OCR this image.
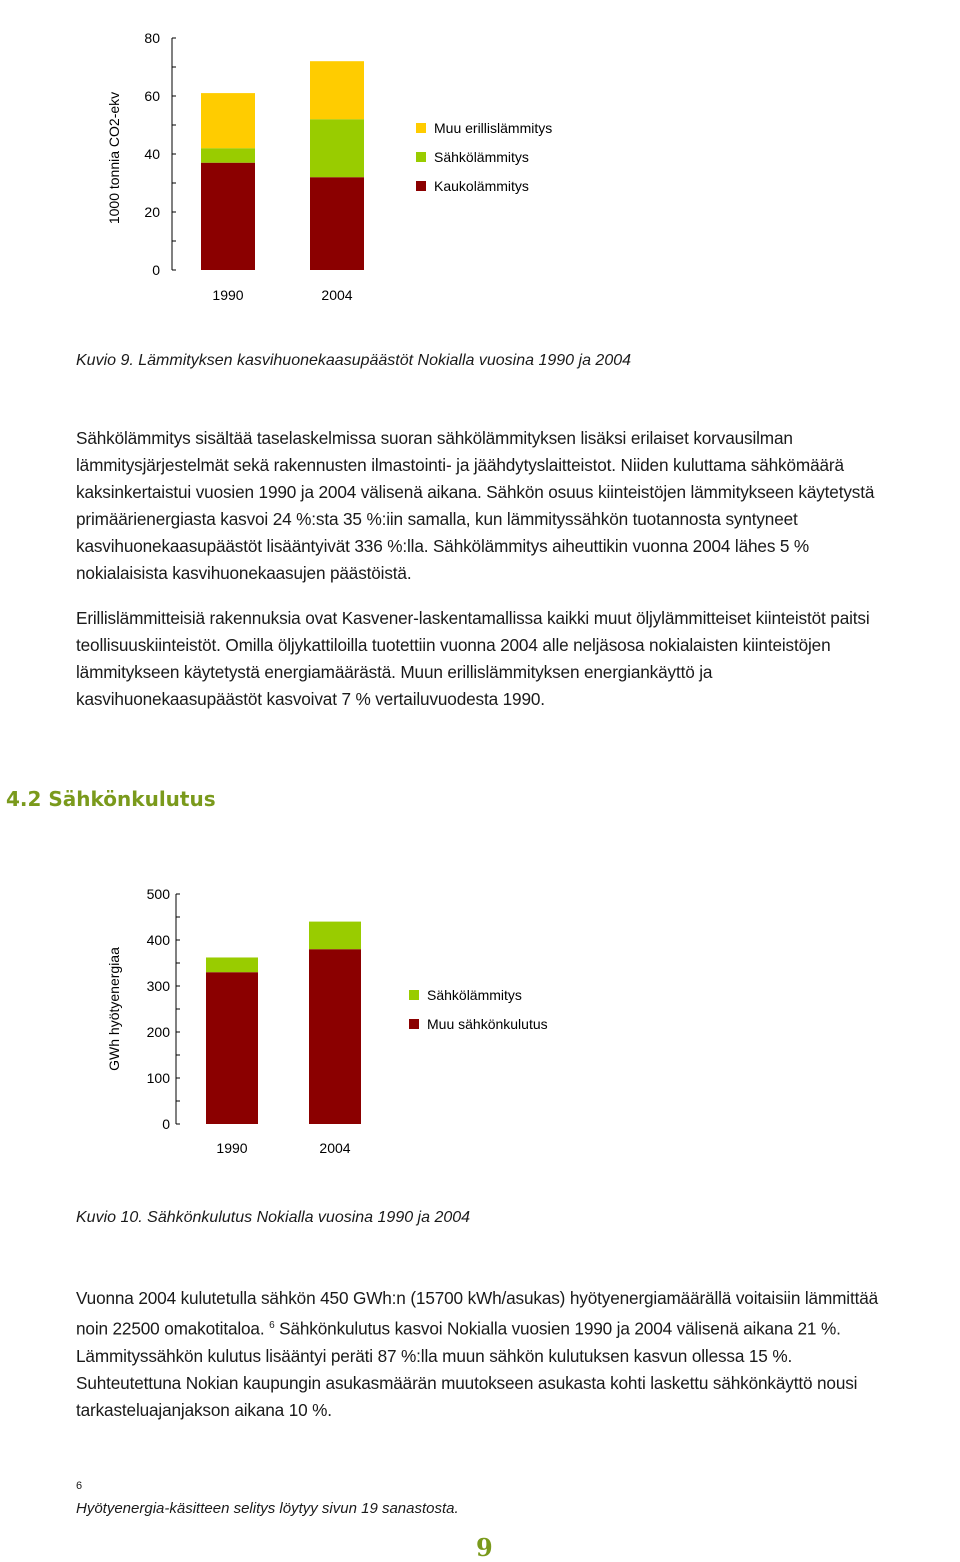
0
20
40
60
80
1000 tonnia CO2-ekv
1990	2004
Muu erillislämmitys
Sähkölämmitys
Kaukolämmitys
Kuvio 9. Lämmityksen kasvihuonekaasupäästöt Nokialla vuosina 1990 ja 2004

Sähkölämmitys sisältää taselaskelmissa suoran sähkölämmityksen lisäksi erilaiset korvausilman
lämmitysjärjestelmät sekä rakennusten ilmastointi- ja jäähdytyslaitteistot. Niiden kuluttama sähkömäärä
kaksinkertaistui vuosien 1990 ja 2004 välisenä aikana. Sähkön osuus kiinteistöjen lämmitykseen käytetystä
primäärienergiasta kasvoi 24 %:sta 35 %:iin samalla, kun lämmityssähkön tuotannosta syntyneet
kasvihuonekaasupäästöt lisääntyivät 336 %:lla. Sähkölämmitys aiheuttikin vuonna 2004 lähes 5 %
nokialaisista kasvihuonekaasujen päästöistä.

Erillislämmitteisiä rakennuksia ovat Kasvener-laskentamallissa kaikki muut öljylämmitteiset kiinteistöt paitsi
teollisuuskiinteistöt. Omilla öljykattiloilla tuotettiin vuonna 2004 alle neljäsosa nokialaisten kiinteistöjen
lämmitykseen käytetystä energiamäärästä. Muun erillislämmityksen energiankäyttö ja
kasvihuonekaasupäästöt kasvoivat 7 % vertailuvuodesta 1990.

4.2 Sähkönkulutus
0
100
200
300
400
500
GWh hyötyenergiaa
1990	2004
Sähkölämmitys
Muu sähkönkulutus
Kuvio 10. Sähkönkulutus Nokialla vuosina 1990 ja 2004

Vuonna 2004 kulutetulla sähkön 450 GWh:n (15700 kWh/asukas) hyötyenergiamäärällä voitaisiin lämmittää
noin 22500 omakotitaloa. $^6$ Sähkönkulutus kasvoi Nokialla vuosien 1990 ja 2004 välisenä aikana 21 %.
Lämmityssähkön kulutus lisääntyi peräti 87 %:lla muun sähkön kulutuksen kasvun ollessa 15 %.
Suhteutettuna Nokian kaupungin asukasmäärän muutokseen asukasta kohti laskettu sähkönkäyttö nousi
tarkasteluajanjakson aikana 10 %.

6
Hyötyenergia-käsitteen selitys löytyy sivun 19 sanastosta.
9
